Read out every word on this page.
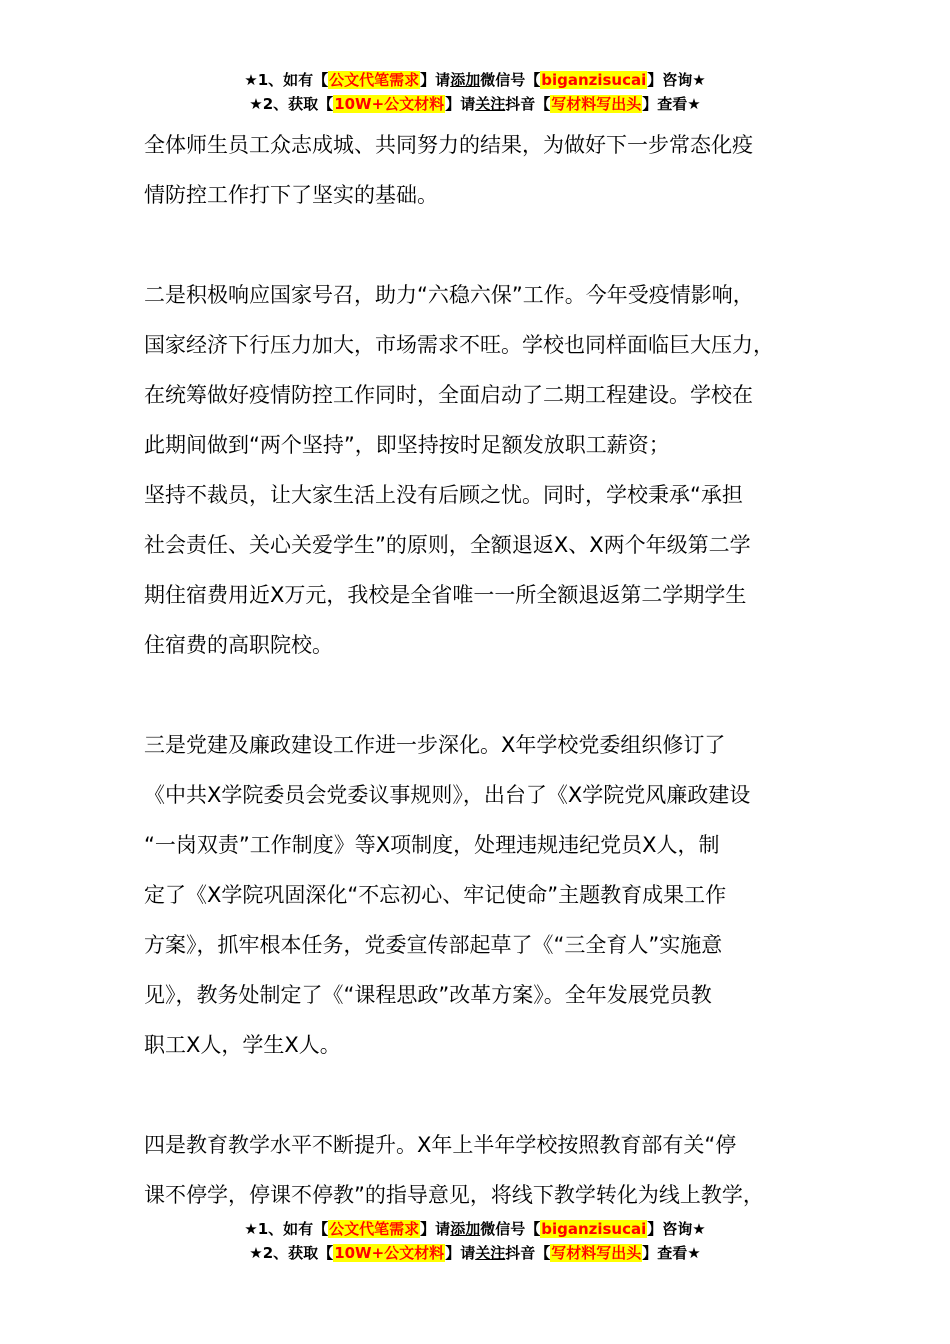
★1、如有【公文代笔需求】请添加微信号【biganzisucai】咨询★
★2、获取【10W+公文材料】请关注抖音【写材料写出头】查看★

全体师生员工众志成城、共同努力的结果，为做好下一步常态化疫
情防控工作打下了坚实的基础。

二是积极响应国家号召，助力“六稳六保”工作。今年受疫情影响，
国家经济下行压力加大，市场需求不旺。学校也同样面临巨大压力，
在统筹做好疫情防控工作同时，全面启动了二期工程建设。学校在
此期间做到“两个坚持”，即坚持按时足额发放职工薪资；
坚持不裁员，让大家生活上没有后顾之忧。同时，学校秉承“承担
社会责任、关心关爱学生”的原则，全额退返X、X两个年级第二学
期住宿费用近X万元，我校是全省唯一一所全额退返第二学期学生
住宿费的高职院校。

三是党建及廉政建设工作进一步深化。X年学校党委组织修订了
《中共X学院委员会党委议事规则》，出台了《X学院党风廉政建设
“一岗双责”工作制度》等X项制度，处理违规违纪党员X人，制
定了《X学院巩固深化“不忘初心、牢记使命”主题教育成果工作
方案》，抓牢根本任务，党委宣传部起草了《“三全育人”实施意
见》，教务处制定了《“课程思政”改革方案》。全年发展党员教
职工X人，学生X人。

四是教育教学水平不断提升。X年上半年学校按照教育部有关“停
课不停学，停课不停教”的指导意见，将线下教学转化为线上教学，

★1、如有【公文代笔需求】请添加微信号【biganzisucai】咨询★
★2、获取【10W+公文材料】请关注抖音【写材料写出头】查看★
